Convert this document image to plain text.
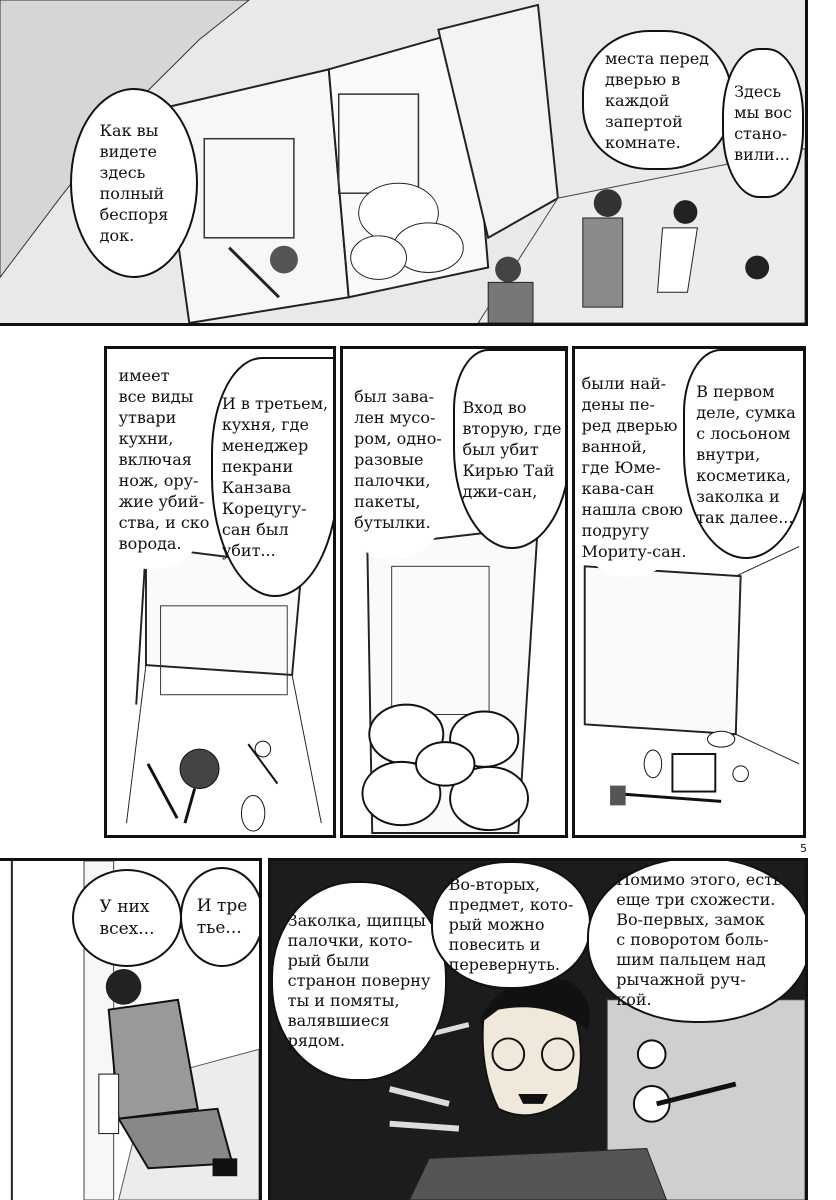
Как вы
видете
здесь
полный
беспоря
док.
места перед
дверью в
каждой
запертой
комнате.
Здесь
мы вос
стано-
вили...
имеет
все виды
утвари
кухни,
включая
нож, ору-
жие убий-
ства, и ско
ворода.
И в третьем,
кухня, где
менеджер
пекрани
Канзава
Корецугу-
сан был
убит...
был зава-
лен мусо-
ром, одно-
разовые
палочки,
пакеты,
бутылки.
Вход во
вторую, где
был убит
Кирью Тай
джи-сан,
были най-
дены пе-
ред дверью
ванной,
где Юме-
кава-сан
нашла свою
подругу
Мориту-сан.
В первом
деле, сумка
с лосьоном
внутри,
косметика,
заколка и
так далее...
5
У них
всех...
И тре
тье...	Заколка, щипцы
палочки, кото-
рый были
странон поверну
ты и помяты,
валявшиеся
рядом.
Во-вторых,
предмет, кото-
рый можно
повесить и
перевернуть.
Помимо этого, есть
еще три схожести.
Во-первых, замок
с поворотом боль-
шим пальцем над
рычажной руч-
кой.
